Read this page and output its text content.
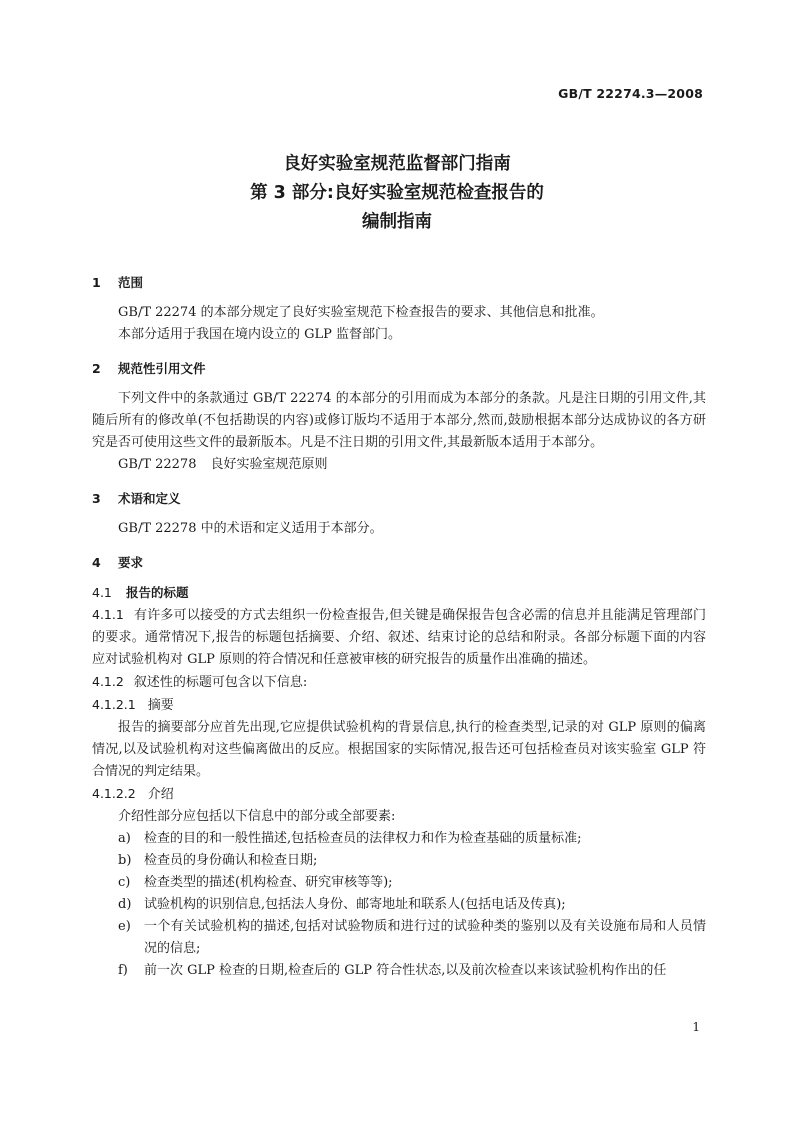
GB/T 22274.3—2008
良好实验室规范监督部门指南
第 3 部分:良好实验室规范检查报告的
编制指南
1 范围
GB/T 22274 的本部分规定了良好实验室规范下检查报告的要求、其他信息和批准。
本部分适用于我国在境内设立的 GLP 监督部门。
2 规范性引用文件
下列文件中的条款通过 GB/T 22274 的本部分的引用而成为本部分的条款。凡是注日期的引用文件,其随后所有的修改单(不包括勘误的内容)或修订版均不适用于本部分,然而,鼓励根据本部分达成协议的各方研究是否可使用这些文件的最新版本。凡是不注日期的引用文件,其最新版本适用于本部分。
GB/T 22278 良好实验室规范原则
3 术语和定义
GB/T 22278 中的术语和定义适用于本部分。
4 要求
4.1 报告的标题
4.1.1 有许多可以接受的方式去组织一份检查报告,但关键是确保报告包含必需的信息并且能满足管理部门的要求。通常情况下,报告的标题包括摘要、介绍、叙述、结束讨论的总结和附录。各部分标题下面的内容应对试验机构对 GLP 原则的符合情况和任意被审核的研究报告的质量作出准确的描述。
4.1.2 叙述性的标题可包含以下信息:
4.1.2.1 摘要
报告的摘要部分应首先出现,它应提供试验机构的背景信息,执行的检查类型,记录的对 GLP 原则的偏离情况,以及试验机构对这些偏离做出的反应。根据国家的实际情况,报告还可包括检查员对该实验室 GLP 符合情况的判定结果。
4.1.2.2 介绍
介绍性部分应包括以下信息中的部分或全部要素:
a) 检查的目的和一般性描述,包括检查员的法律权力和作为检查基础的质量标准;
b) 检查员的身份确认和检查日期;
c) 检查类型的描述(机构检查、研究审核等等);
d) 试验机构的识别信息,包括法人身份、邮寄地址和联系人(包括电话及传真);
e) 一个有关试验机构的描述,包括对试验物质和进行过的试验种类的鉴别以及有关设施布局和人员情况的信息;
f) 前一次 GLP 检查的日期,检查后的 GLP 符合性状态,以及前次检查以来该试验机构作出的任
1
